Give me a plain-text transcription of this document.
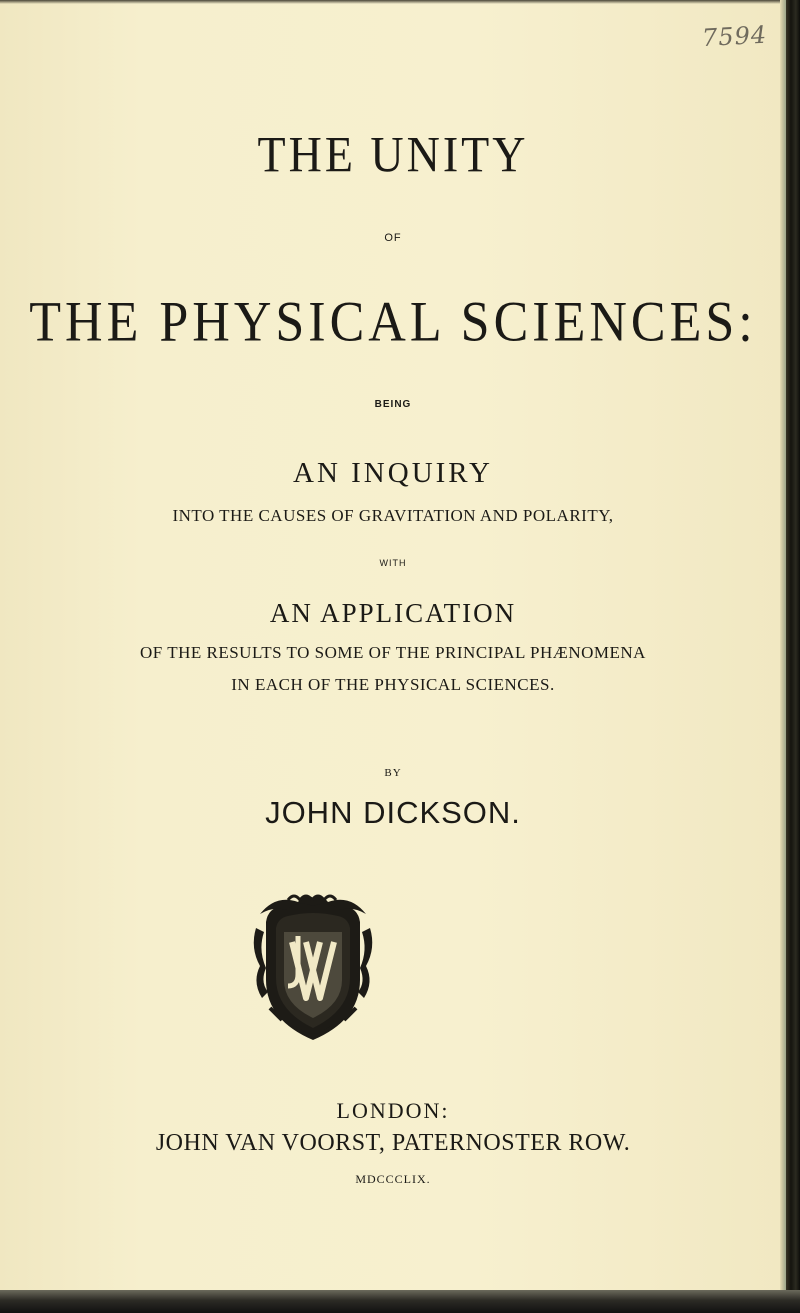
7594
THE UNITY
OF
THE PHYSICAL SCIENCES:
BEING
AN INQUIRY
INTO THE CAUSES OF GRAVITATION AND POLARITY,
WITH
AN APPLICATION
OF THE RESULTS TO SOME OF THE PRINCIPAL PHÆNOMENA
IN EACH OF THE PHYSICAL SCIENCES.
BY
JOHN DICKSON.
LONDON:
JOHN VAN VOORST, PATERNOSTER ROW.
MDCCCLIX.
